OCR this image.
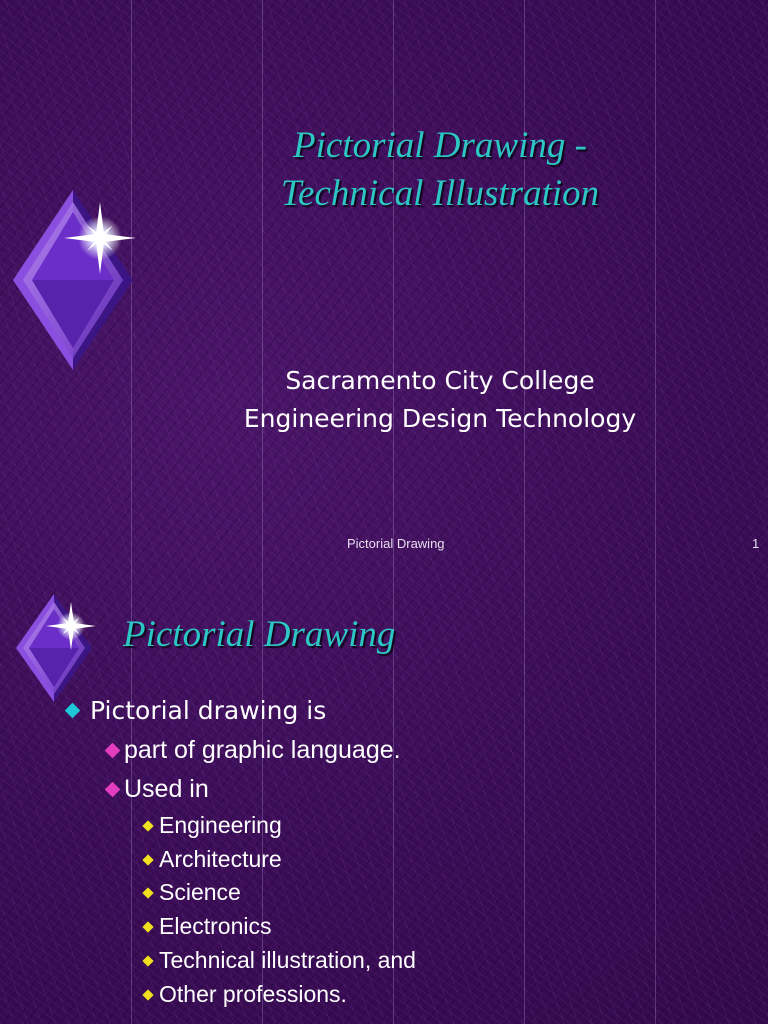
Pictorial Drawing -
Technical Illustration
Sacramento City College
Engineering Design Technology
Pictorial Drawing	1
Pictorial Drawing
Pictorial drawing is
part of graphic language.
Used in
Engineering
Architecture
Science
Electronics
Technical illustration, and
Other professions.
